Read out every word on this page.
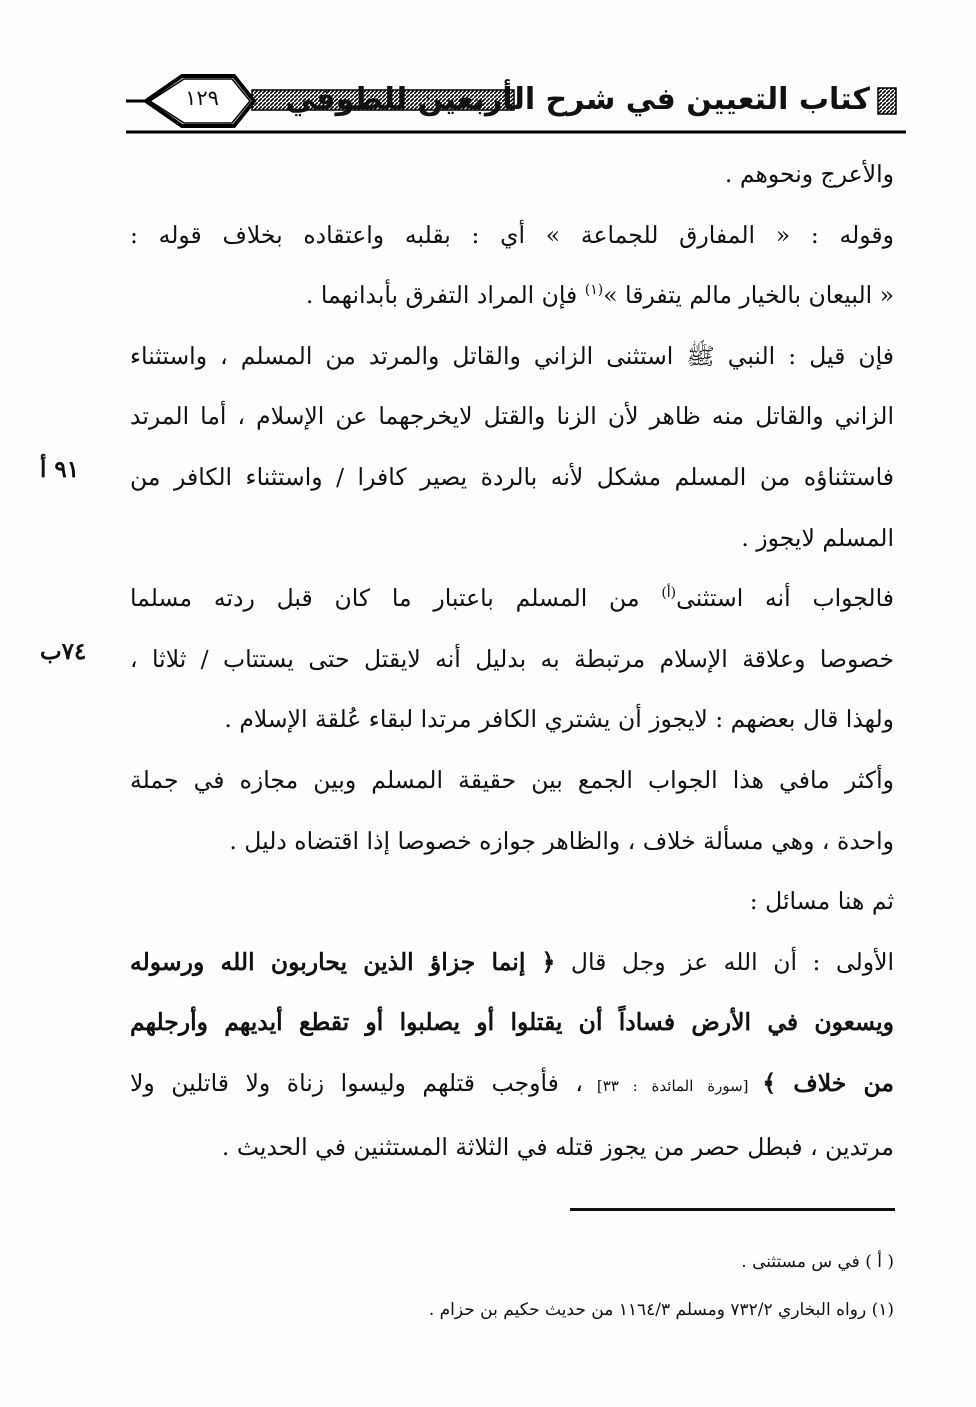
١٢٩	كتاب التعيين في شرح الأربعين للطوفي

والأعرج ونحوهم .

وقوله : « المفارق للجماعة » أي : بقلبه واعتقاده بخلاف قوله :

« البيعان بالخيار مالم يتفرقا »$^{(١)}$ فإن المراد التفرق بأبدانهما .

فإن قيل : النبي ﷺ استثنى الزاني والقاتل والمرتد من المسلم ، واستثناء

الزاني والقاتل منه ظاهر لأن الزنا والقتل لايخرجهما عن الإسلام ، أما المرتد

فاستثناؤه من المسلم مشكل لأنه بالردة يصير كافرا / واستثناء الكافر من

المسلم لايجوز .

فالجواب أنه استثنى$^{(أ)}$ من المسلم باعتبار ما كان قبل ردته مسلما

خصوصا وعلاقة الإسلام مرتبطة به بدليل أنه لايقتل حتى يستتاب / ثلاثا ،

ولهذا قال بعضهم : لايجوز أن يشتري الكافر مرتدا لبقاء عُلقة الإسلام .

وأكثر مافي هذا الجواب الجمع بين حقيقة المسلم وبين مجازه في جملة

واحدة ، وهي مسألة خلاف ، والظاهر جوازه خصوصا إذا اقتضاه دليل .

ثم هنا مسائل :

الأولى : أن الله عز وجل قال ﴿ إنما جزاؤ الذين يحاربون الله ورسوله

ويسعون في الأرض فساداً أن يقتلوا أو يصلبوا أو تقطع أيديهم وأرجلهم

من خلاف ﴾ [سورة المائدة : ٣٣] ، فأوجب قتلهم وليسوا زناة ولا قاتلين ولا

مرتدين ، فبطل حصر من يجوز قتله في الثلاثة المستثنين في الحديث .

٩١ أ
٧٤ب

( أ ) في س مستثنى .

(١) رواه البخاري ٧٣٢/٢ ومسلم ١١٦٤/٣ من حديث حكيم بن حزام .
